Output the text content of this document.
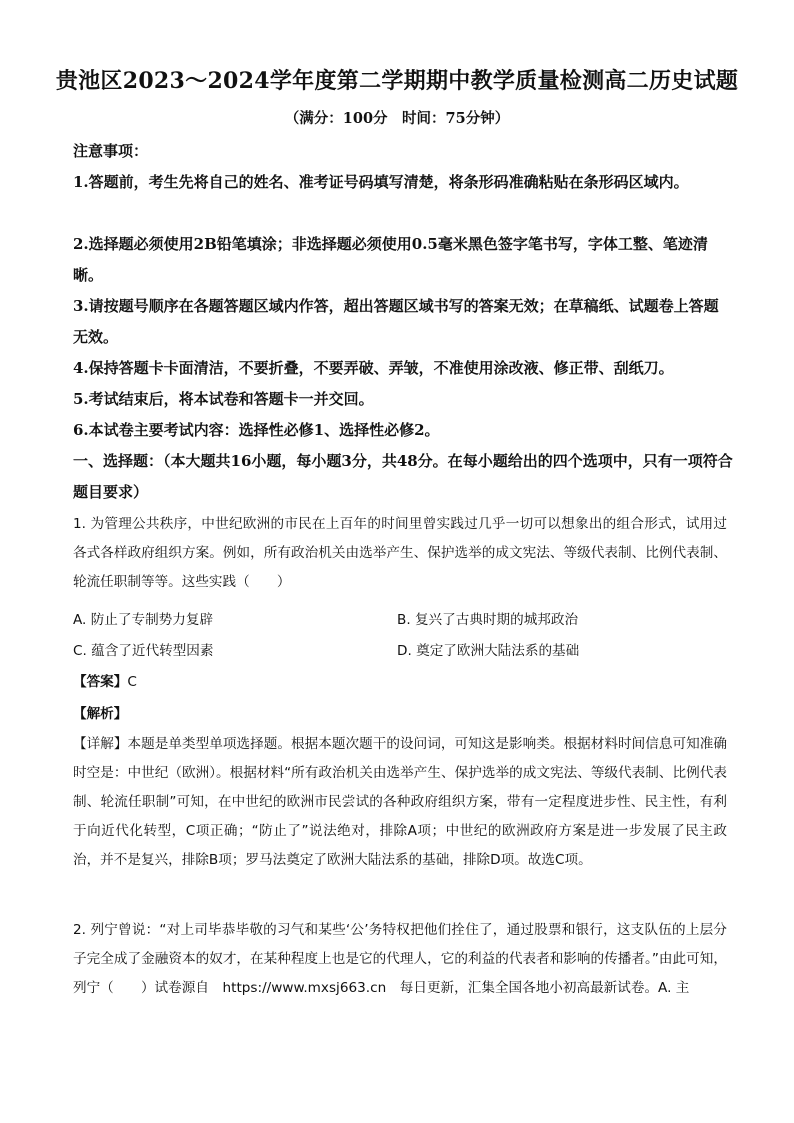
贵池区2023～2024学年度第二学期期中教学质量检测高二历史试题
（满分：100分　时间：75分钟）
注意事项：
1.答题前，考生先将自己的姓名、准考证号码填写清楚，将条形码准确粘贴在条形码区域内。
2.选择题必须使用2B铅笔填涂；非选择题必须使用0.5毫米黑色签字笔书写，字体工整、笔迹清晰。
3.请按题号顺序在各题答题区域内作答，超出答题区域书写的答案无效；在草稿纸、试题卷上答题无效。
4.保持答题卡卡面清洁，不要折叠，不要弄破、弄皱，不准使用涂改液、修正带、刮纸刀。
5.考试结束后，将本试卷和答题卡一并交回。
6.本试卷主要考试内容：选择性必修1、选择性必修2。
一、选择题：（本大题共16小题，每小题3分，共48分。在每小题给出的四个选项中，只有一项符合题目要求）
1. 为管理公共秩序，中世纪欧洲的市民在上百年的时间里曾实践过几乎一切可以想象出的组合形式，试用过各式各样政府组织方案。例如，所有政治机关由选举产生、保护选举的成文宪法、等级代表制、比例代表制、轮流任职制等等。这些实践（　　）
A. 防止了专制势力复辟	B. 复兴了古典时期的城邦政治
C. 蕴含了近代转型因素	D. 奠定了欧洲大陆法系的基础
【答案】C
【解析】
【详解】本题是单类型单项选择题。根据本题次题干的设问词，可知这是影响类。根据材料时间信息可知准确时空是：中世纪（欧洲）。根据材料“所有政治机关由选举产生、保护选举的成文宪法、等级代表制、比例代表制、轮流任职制”可知，在中世纪的欧洲市民尝试的各种政府组织方案，带有一定程度进步性、民主性，有利于向近代化转型，C项正确；“防止了”说法绝对，排除A项；中世纪的欧洲政府方案是进一步发展了民主政治，并不是复兴，排除B项；罗马法奠定了欧洲大陆法系的基础，排除D项。故选C项。
2. 列宁曾说：“对上司毕恭毕敬的习气和某些‘公’务特权把他们拴住了，通过股票和银行，这支队伍的上层分子完全成了金融资本的奴才，在某种程度上也是它的代理人，它的利益的代表者和影响的传播者。”由此可知，列宁（　　）试卷源自　https://www.mxsj663.cn　每日更新，汇集全国各地小初高最新试卷。A. 主
